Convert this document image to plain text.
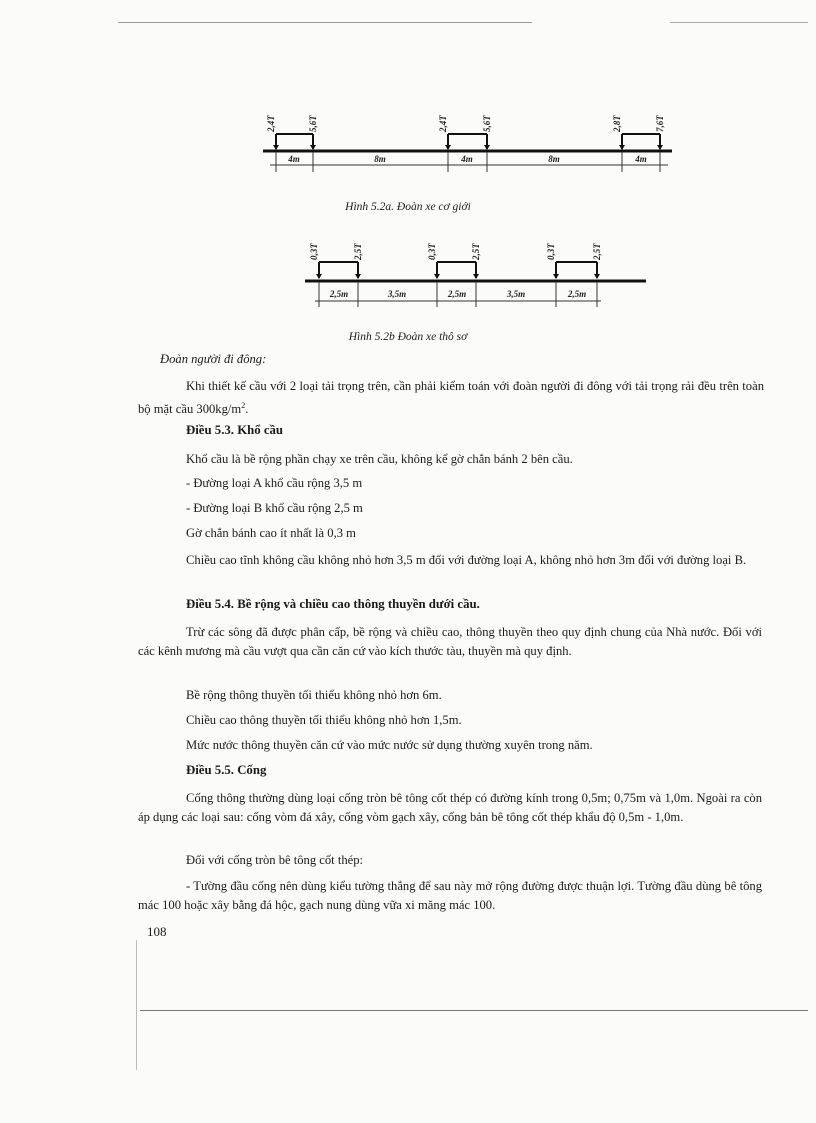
2,4T	5,6T	2,4T	5,6T	2,8T	7,6T
4m	8m	4m	8m	4m
Hình 5.2a. Đoàn xe cơ giới
0,3T	2,5T	0,3T	2,5T	0,3T	2,5T
2,5m	3,5m	2,5m	3,5m	2,5m
Hình 5.2b Đoàn xe thô sơ
Đoàn người đi đông:
Khi thiết kế cầu với 2 loại tải trọng trên, cần phải kiểm toán với đoàn người đi đông với tải trọng rải đều trên toàn bộ mặt cầu $300kg/m^2$.
Điều 5.3. Khổ cầu
Khổ cầu là bề rộng phần chạy xe trên cầu, không kể gờ chắn bánh 2 bên cầu.
- Đường loại A khổ cầu rộng 3,5 m
- Đường loại B khổ cầu rộng 2,5 m
Gờ chắn bánh cao ít nhất là 0,3 m
Chiều cao tĩnh không cầu không nhỏ hơn 3,5 m đối với đường loại A, không nhỏ hơn 3m đối với đường loại B.
Điều 5.4. Bề rộng và chiều cao thông thuyền dưới cầu.
Trừ các sông đã được phân cấp, bề rộng và chiều cao, thông thuyền theo quy định chung của Nhà nước. Đối với các kênh mương mà cầu vượt qua cần căn cứ vào kích thước tàu, thuyền mà quy định.
Bề rộng thông thuyền tối thiểu không nhỏ hơn 6m.
Chiều cao thông thuyền tối thiểu không nhỏ hơn 1,5m.
Mức nước thông thuyền căn cứ vào mức nước sử dụng thường xuyên trong năm.
Điều 5.5. Cống
Cống thông thường dùng loại cống tròn bê tông cốt thép có đường kính trong 0,5m; 0,75m và 1,0m. Ngoài ra còn áp dụng các loại sau: cống vòm đá xây, cống vòm gạch xây, cống bản bê tông cốt thép khẩu độ 0,5m - 1,0m.
Đối với cống tròn bê tông cốt thép:
- Tường đầu cống nên dùng kiểu tường thẳng để sau này mở rộng đường được thuận lợi. Tường đầu dùng bê tông mác 100 hoặc xây bằng đá hộc, gạch nung dùng vữa xi măng mác 100.
108
